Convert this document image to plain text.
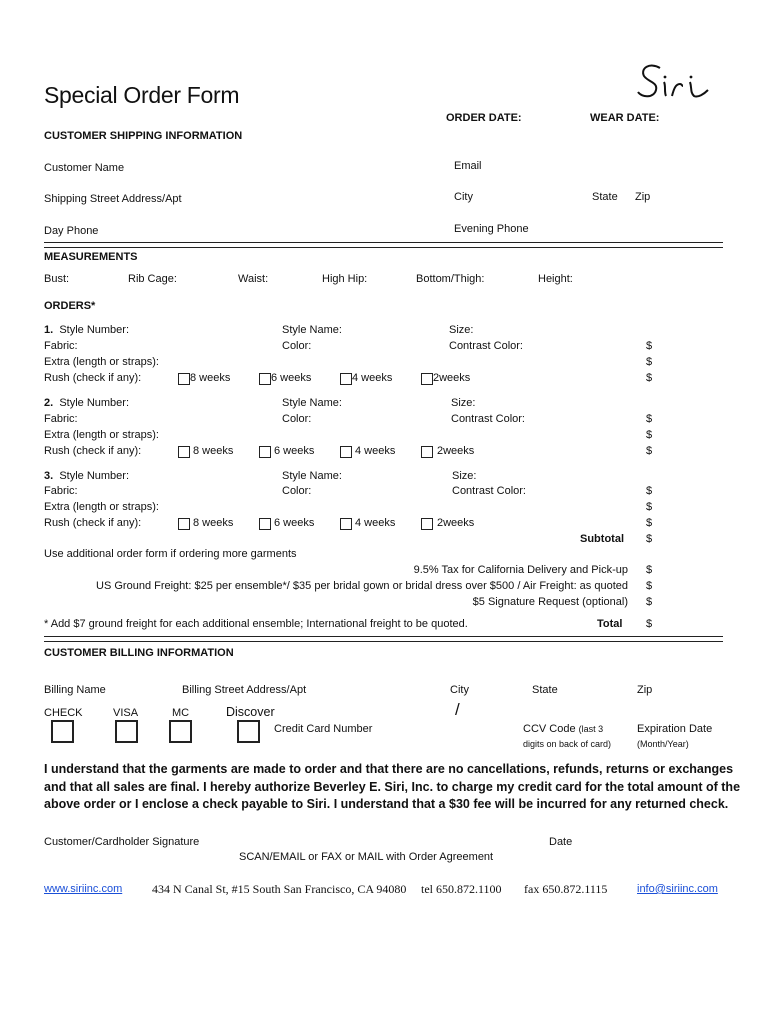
Special Order Form
ORDER DATE:	WEAR DATE:
CUSTOMER SHIPPING INFORMATION
Customer Name	Email
Shipping Street Address/Apt	City	State Zip
Day Phone	Evening Phone
MEASUREMENTS
Bust:	Rib Cage:	Waist:	High Hip:	Bottom/Thigh:	Height:
ORDERS*
1. Style Number:	Style Name:	Size:
Fabric:	Color:	Contrast Color:	$
Extra (length or straps):	$
Rush (check if any):	8 weeks	6 weeks	4 weeks	2weeks	$
2. Style Number:	Style Name:	Size:
Fabric:	Color:	Contrast Color:	$
Extra (length or straps):	$
Rush (check if any):	8 weeks	6 weeks	4 weeks	2weeks	$
3. Style Number:	Style Name:	Size:
Fabric:	Color:	Contrast Color:	$
Extra (length or straps):	$
Rush (check if any):	8 weeks	6 weeks	4 weeks	2weeks	$
Subtotal $
Use additional order form if ordering more garments
9.5% Tax for California Delivery and Pick-up $
US Ground Freight: $25 per ensemble*/ $35 per bridal gown or bridal dress over $500 / Air Freight: as quoted $
$5 Signature Request (optional) $
* Add $7 ground freight for each additional ensemble; International freight to be quoted.	Total $
CUSTOMER BILLING INFORMATION
Billing Name	Billing Street Address/Apt	City	State	Zip
CHECK	VISA	MC	Discover
Credit Card Number
/
CCV Code (last 3
digits on back of card)
Expiration Date
(Month/Year)
I understand that the garments are made to order and that there are no cancellations, refunds, returns or exchanges
and that all sales are final. I hereby authorize Beverley E. Siri, Inc. to charge my credit card for the total amount of the
above order or I enclose a check payable to Siri. I understand that a $30 fee will be incurred for any returned check.
Customer/Cardholder Signature	Date
SCAN/EMAIL or FAX or MAIL with Order Agreement
www.siriinc.com 434 N Canal St, #15 South San Francisco, CA 94080 tel 650.872.1100 fax 650.872.1115	info@siriinc.com
